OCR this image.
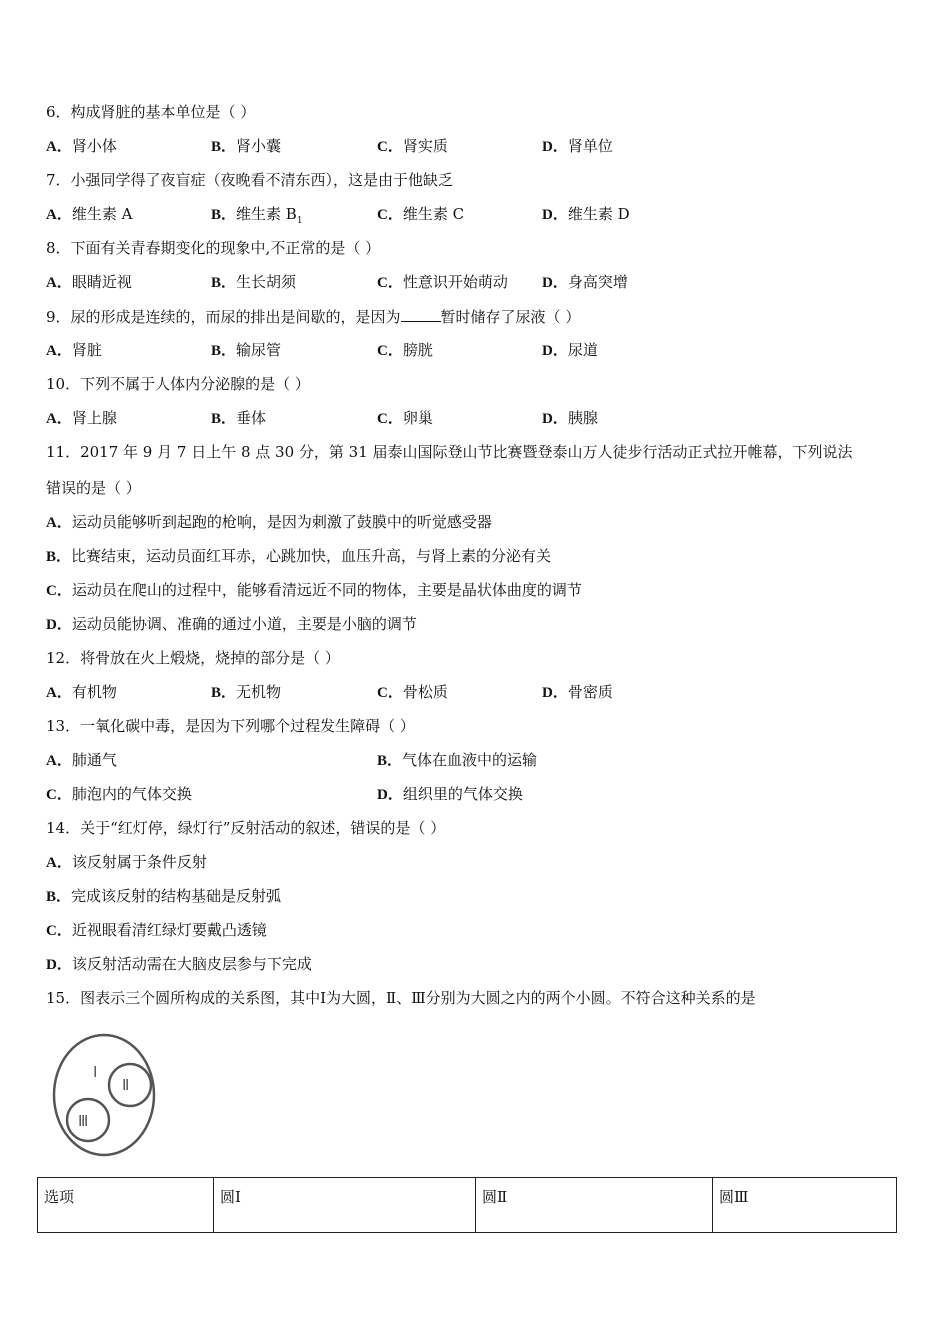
6．构成肾脏的基本单位是（ ）
A．肾小体	B．肾小囊	C．肾实质	D．肾单位
7．小强同学得了夜盲症（夜晚看不清东西），这是由于他缺乏
A．维生素 A	B．维生素 $B_1$	C．维生素 C	D．维生素 D
8．下面有关青春期变化的现象中,不正常的是（ ）
A．眼睛近视	B．生长胡须	C．性意识开始萌动 D．身高突增
9．尿的形成是连续的，而尿的排出是间歇的，是因为	暂时储存了尿液（ ）
A．肾脏	B．输尿管	C．膀胱	D．尿道
10．下列不属于人体内分泌腺的是（ ）
A．肾上腺	B．垂体	C．卵巢	D．胰腺
11．2017 年 9 月 7 日上午 8 点 30 分，第 31 届泰山国际登山节比赛暨登泰山万人徒步行活动正式拉开帷幕，下列说法
错误的是（ ）
A．运动员能够听到起跑的枪响，是因为刺激了鼓膜中的听觉感受器
B．比赛结束，运动员面红耳赤，心跳加快，血压升高，与肾上素的分泌有关
C．运动员在爬山的过程中，能够看清远近不同的物体，主要是晶状体曲度的调节
D．运动员能协调、准确的通过小道，主要是小脑的调节
12．将骨放在火上煅烧，烧掉的部分是（ ）
A．有机物	B．无机物	C．骨松质	D．骨密质
13．一氧化碳中毒，是因为下列哪个过程发生障碍（ ）
A．肺通气	B．气体在血液中的运输
C．肺泡内的气体交换	D．组织里的气体交换
14．关于“红灯停，绿灯行”反射活动的叙述，错误的是（ ）
A．该反射属于条件反射
B．完成该反射的结构基础是反射弧
C．近视眼看清红绿灯要戴凸透镜
D．该反射活动需在大脑皮层参与下完成
15．图表示三个圆所构成的关系图，其中Ⅰ为大圆，Ⅱ、Ⅲ分别为大圆之内的两个小圆。不符合这种关系的是
Ⅰ
Ⅱ
Ⅲ
选项	圆Ⅰ	圆Ⅱ	圆Ⅲ
